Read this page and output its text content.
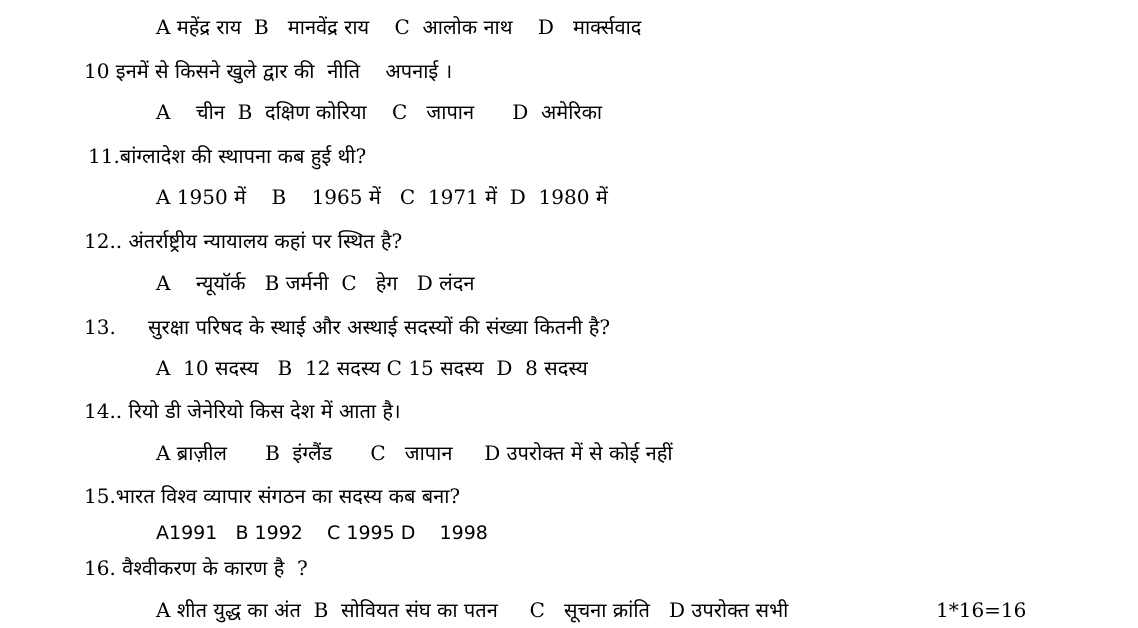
A महेंद्र राय  B   मानवेंद्र राय    C  आलोक नाथ    D   मार्क्सवाद
10 इनमें से किसने खुले द्वार की  नीति    अपनाई ।
A    चीन  B  दक्षिण कोरिया    C   जापान      D  अमेरिका
11.बांग्लादेश की स्थापना कब हुई थी?
A 1950 में    B    1965 में   C  1971 में  D  1980 में
12.. अंतर्राष्ट्रीय न्यायालय कहां पर स्थित है?
A    न्यूयॉर्क   B जर्मनी  C   हेग   D लंदन
13. सुरक्षा परिषद के स्थाई और अस्थाई सदस्यों की संख्या कितनी है?
A  10 सदस्य   B  12 सदस्य C 15 सदस्य  D  8 सदस्य
14.. रियो डी जेनेरियो किस देश में आता है।
A ब्राज़ील      B  इंग्लैंड      C   जापान     D उपरोक्त में से कोई नहीं
15.भारत विश्व व्यापार संगठन का सदस्य कब बना?
A1991   B 1992    C 1995 D    1998
16. वैश्वीकरण के कारण है  ?
A शीत युद्ध का अंत  B  सोवियत संघ का पतन     C   सूचना क्रांति   D उपरोक्त सभी	1*16=16
